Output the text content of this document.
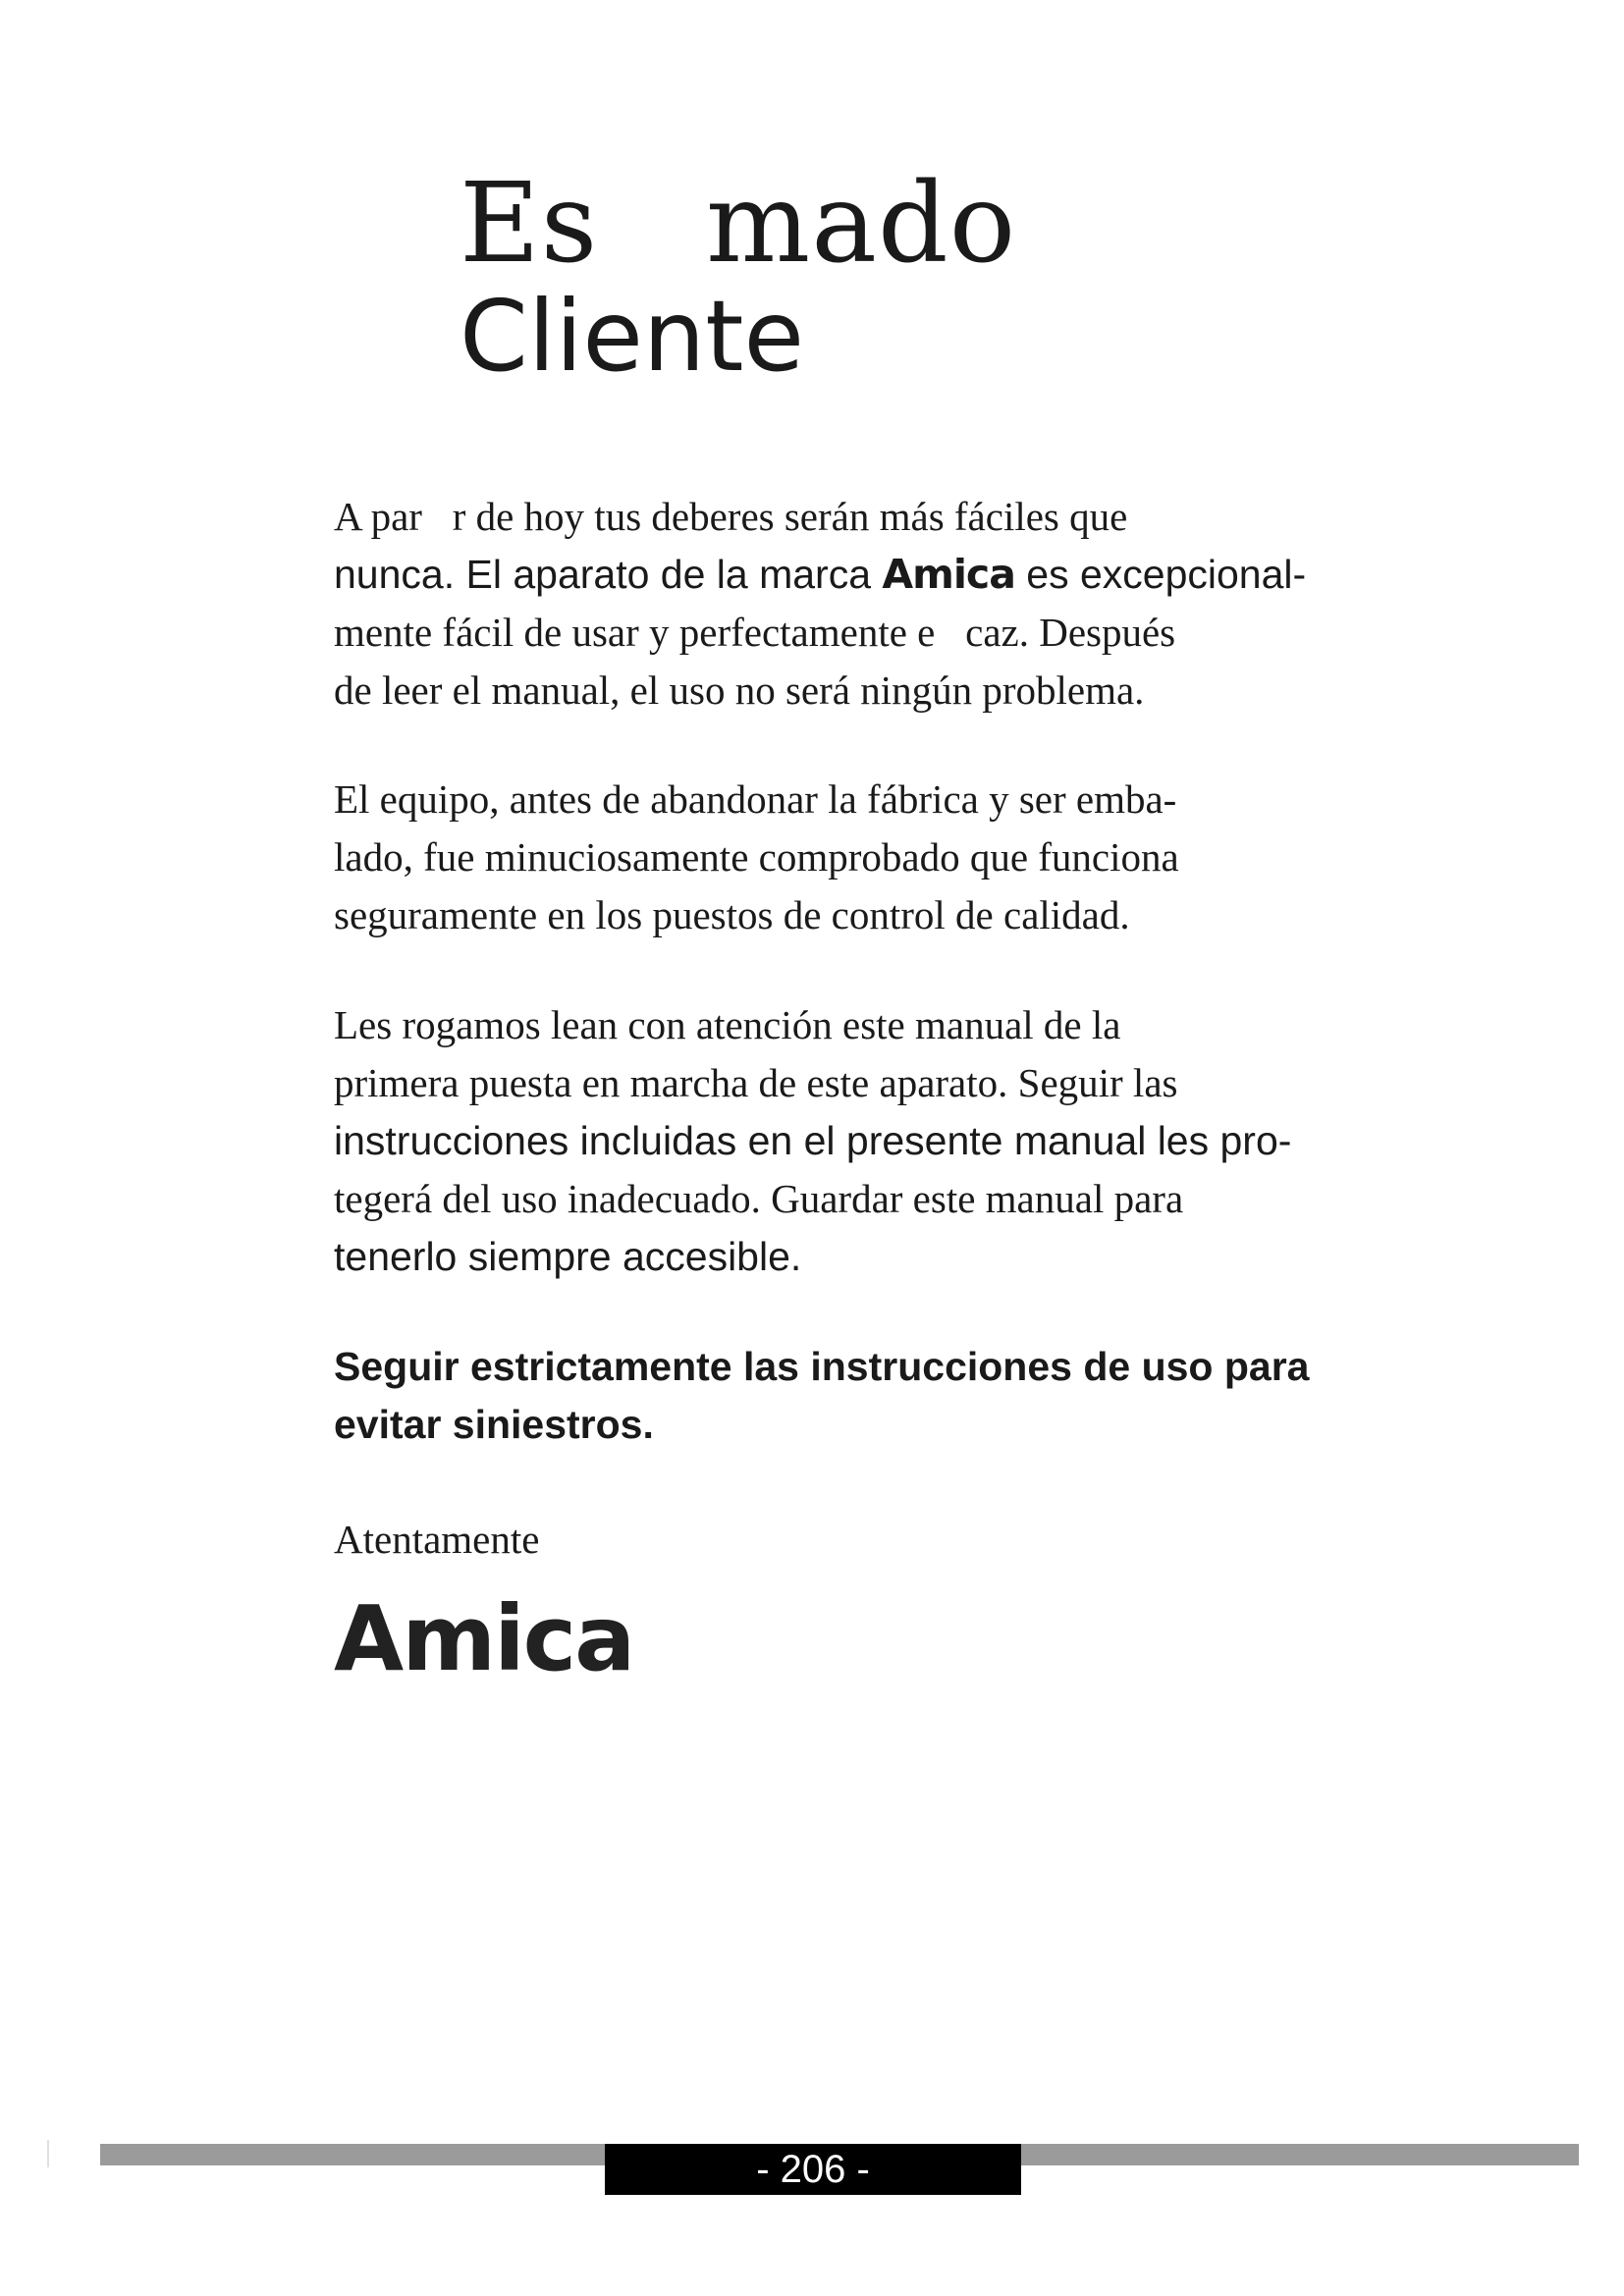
Es   mado
Cliente

A par   r de hoy tus deberes serán más fáciles que
nunca. El aparato de la marca Amica es excepcional-
mente fácil de usar y perfectamente e   caz. Después
de leer el manual, el uso no será ningún problema.

El equipo, antes de abandonar la fábrica y ser emba-
lado, fue minuciosamente comprobado que funciona
seguramente en los puestos de control de calidad.

Les rogamos lean con atención este manual de la
primera puesta en marcha de este aparato. Seguir las
instrucciones incluidas en el presente manual les pro-
tegerá del uso inadecuado. Guardar este manual para
tenerlo siempre accesible.

Seguir estrictamente las instrucciones de uso para
evitar siniestros.

Atentamente

Amica
- 206 -
